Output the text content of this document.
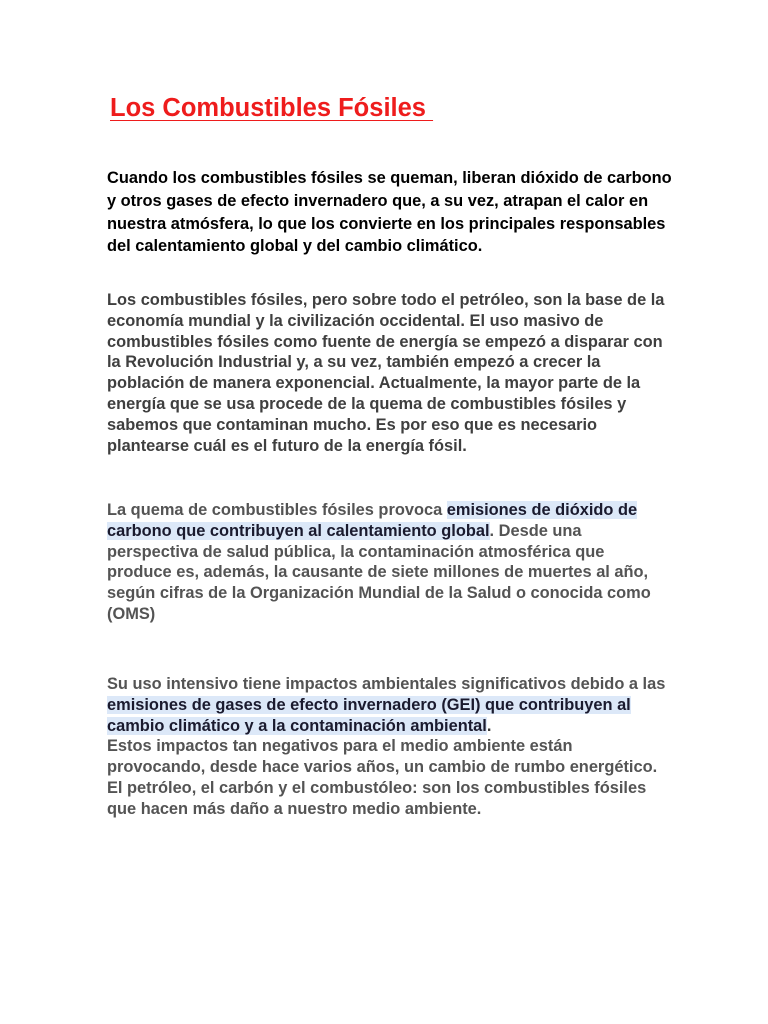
Los Combustibles Fósiles

Cuando los combustibles fósiles se queman, liberan dióxido de carbono y otros gases de efecto invernadero que, a su vez, atrapan el calor en nuestra atmósfera, lo que los convierte en los principales responsables del calentamiento global y del cambio climático.

Los combustibles fósiles, pero sobre todo el petróleo, son la base de la economía mundial y la civilización occidental. El uso masivo de combustibles fósiles como fuente de energía se empezó a disparar con la Revolución Industrial y, a su vez, también empezó a crecer la población de manera exponencial. Actualmente, la mayor parte de la energía que se usa procede de la quema de combustibles fósiles y sabemos que contaminan mucho. Es por eso que es necesario plantearse cuál es el futuro de la energía fósil.

La quema de combustibles fósiles provoca emisiones de dióxido de carbono que contribuyen al calentamiento global. Desde una perspectiva de salud pública, la contaminación atmosférica que produce es, además, la causante de siete millones de muertes al año, según cifras de la Organización Mundial de la Salud o conocida como (OMS)

Su uso intensivo tiene impactos ambientales significativos debido a las emisiones de gases de efecto invernadero (GEI) que contribuyen al cambio climático y a la contaminación ambiental.
Estos impactos tan negativos para el medio ambiente están provocando, desde hace varios años, un cambio de rumbo energético.
El petróleo, el carbón y el combustóleo: son los combustibles fósiles que hacen más daño a nuestro medio ambiente.
